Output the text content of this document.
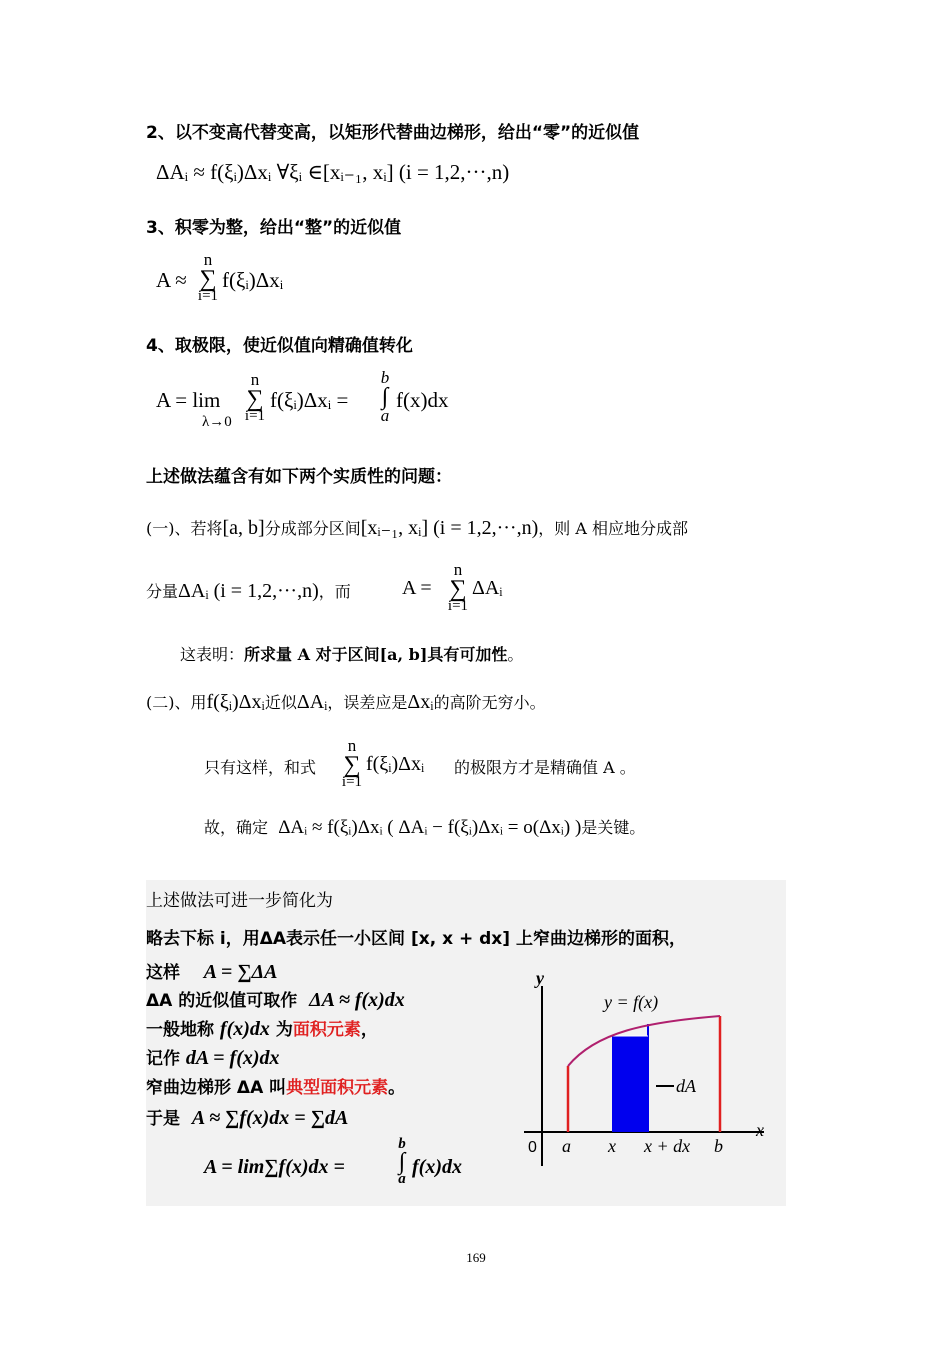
2、以不变高代替变高，以矩形代替曲边梯形，给出“零”的近似值
ΔAᵢ ≈ f(ξᵢ)Δxᵢ ∀ξᵢ ∈[xᵢ₋₁, xᵢ] (i = 1,2,···,n)
3、积零为整，给出“整”的近似值
A ≈
n
∑
i=1
f(ξᵢ)Δxᵢ
4、取极限，使近似值向精确值转化
A = lim
λ→0
n
∑
i=1
f(ξᵢ)Δxᵢ =
b
∫
a
f(x)dx
上述做法蕴含有如下两个实质性的问题：
(一)、若将[a, b]分成部分区间[xᵢ₋₁, xᵢ] (i = 1,2,···,n)，则 A 相应地分成部
分量ΔAᵢ (i = 1,2,···,n)，而	A =
n
∑
i=1
ΔAᵢ
这表明：所求量 A 对于区间[a, b]具有可加性。
(二)、用f(ξᵢ)Δxᵢ近似ΔAᵢ，误差应是Δxᵢ的高阶无穷小。
只有这样，和式
n
∑
i=1
f(ξᵢ)Δxᵢ 的极限方才是精确值 A 。
故，确定 ΔAᵢ ≈ f(ξᵢ)Δxᵢ ( ΔAᵢ − f(ξᵢ)Δxᵢ = o(Δxᵢ) )是关键。
上述做法可进一步简化为
略去下标 i，用ΔA表示任一小区间 [x, x + dx] 上窄曲边梯形的面积，
这样 A = ∑ΔA
ΔA 的近似值可取作 ΔA ≈ f(x)dx
一般地称 f(x)dx 为面积元素，
记作 dA = f(x)dx
窄曲边梯形 ΔA 叫典型面积元素。
于是 A ≈ ∑f(x)dx = ∑dA
A = lim∑f(x)dx =
b
∫
a
f(x)dx
y
x
y = f(x)
dA
0 a x x + dx b
169
